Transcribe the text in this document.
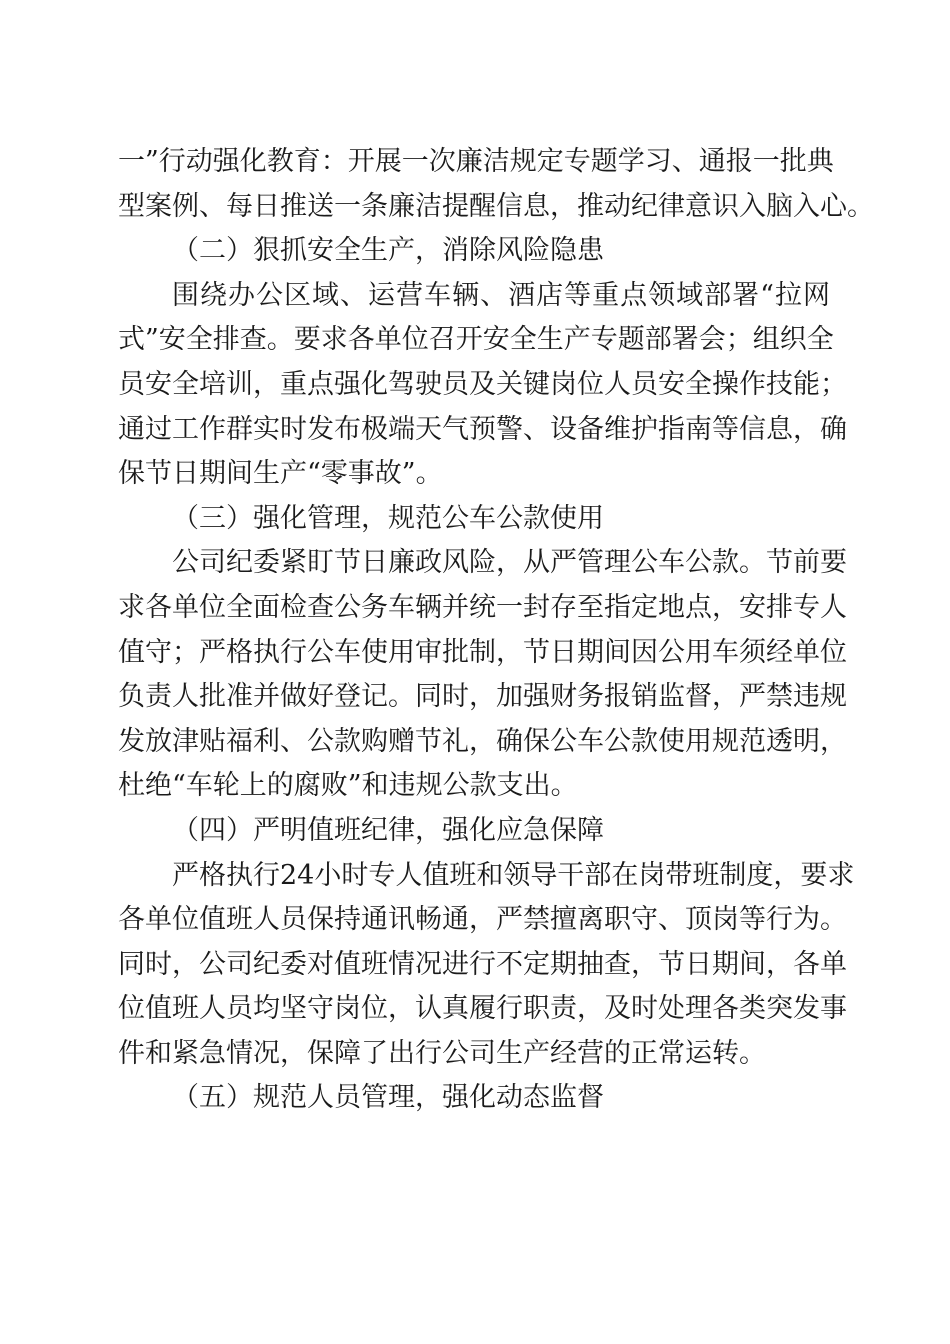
一”行动强化教育：开展一次廉洁规定专题学习、通报一批典
型案例、每日推送一条廉洁提醒信息，推动纪律意识入脑入心。
（二）狠抓安全生产，消除风险隐患
围绕办公区域、运营车辆、酒店等重点领域部署“拉网
式”安全排查。要求各单位召开安全生产专题部署会；组织全
员安全培训，重点强化驾驶员及关键岗位人员安全操作技能；
通过工作群实时发布极端天气预警、设备维护指南等信息，确
保节日期间生产“零事故”。
（三）强化管理，规范公车公款使用
公司纪委紧盯节日廉政风险，从严管理公车公款。节前要
求各单位全面检查公务车辆并统一封存至指定地点，安排专人
值守；严格执行公车使用审批制，节日期间因公用车须经单位
负责人批准并做好登记。同时，加强财务报销监督，严禁违规
发放津贴福利、公款购赠节礼，确保公车公款使用规范透明，
杜绝“车轮上的腐败”和违规公款支出。
（四）严明值班纪律，强化应急保障
严格执行24小时专人值班和领导干部在岗带班制度，要求
各单位值班人员保持通讯畅通，严禁擅离职守、顶岗等行为。
同时，公司纪委对值班情况进行不定期抽查，节日期间，各单
位值班人员均坚守岗位，认真履行职责，及时处理各类突发事
件和紧急情况，保障了出行公司生产经营的正常运转。
（五）规范人员管理，强化动态监督
